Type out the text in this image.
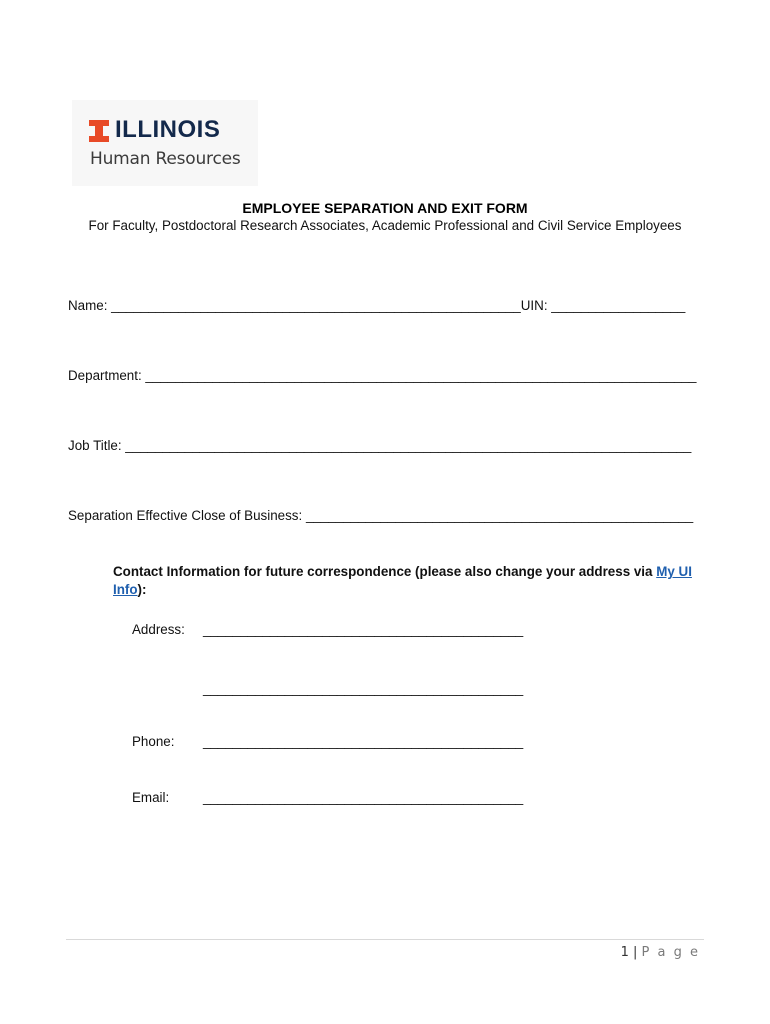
ILLINOIS
Human Resources
EMPLOYEE SEPARATION AND EXIT FORM
For Faculty, Postdoctoral Research Associates, Academic Professional and Civil Service Employees
Name: _______________________________________________________UIN: __________________
Department: __________________________________________________________________________
Job Title: ____________________________________________________________________________
Separation Effective Close of Business: ____________________________________________________
Contact Information for future correspondence (please also change your address via My UI Info):
Address: ___________________________________________
___________________________________________
Phone: ___________________________________________
Email:	___________________________________________
1 | P a g e
